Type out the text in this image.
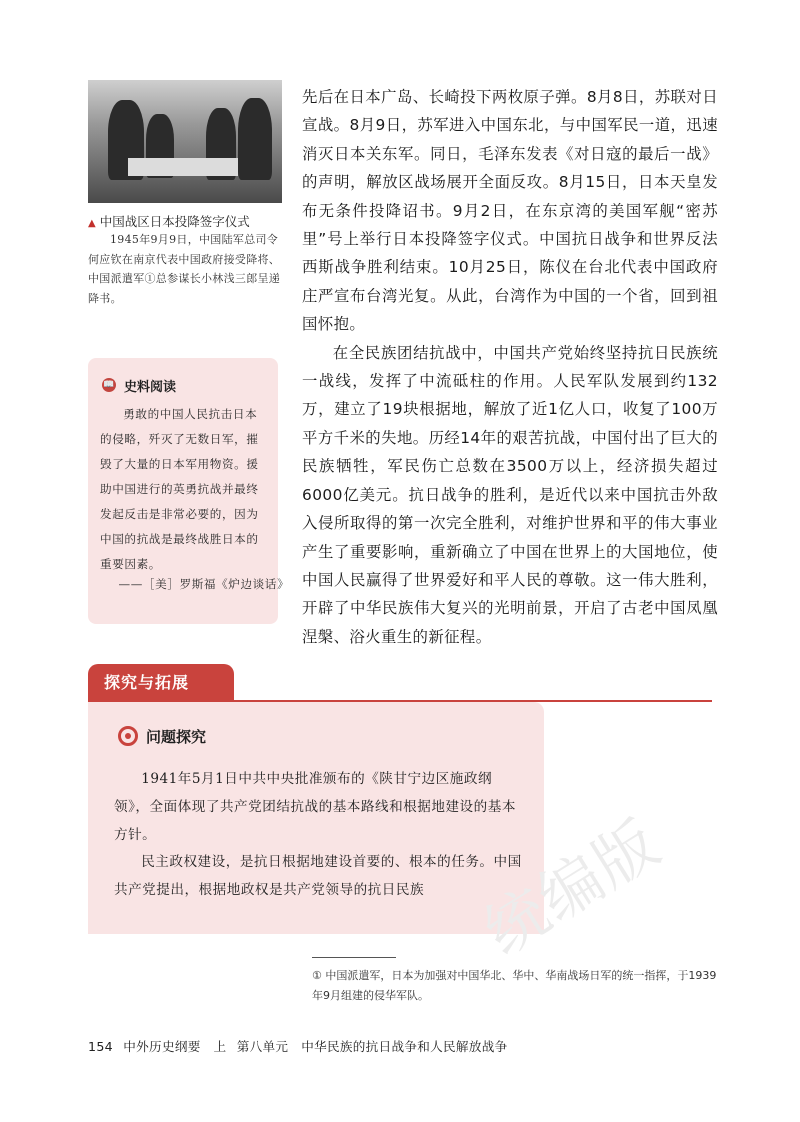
▲ 中国战区日本投降签字仪式
1945年9月9日，中国陆军总司令何应钦在南京代表中国政府接受降将、中国派遣军①总参谋长小林浅三郎呈递降书。

先后在日本广岛、长崎投下两枚原子弹。8月8日，苏联对日宣战。8月9日，苏军进入中国东北，与中国军民一道，迅速消灭日本关东军。同日，毛泽东发表《对日寇的最后一战》的声明，解放区战场展开全面反攻。8月15日，日本天皇发布无条件投降诏书。9月2日，在东京湾的美国军舰“密苏里”号上举行日本投降签字仪式。中国抗日战争和世界反法西斯战争胜利结束。10月25日，陈仪在台北代表中国政府庄严宣布台湾光复。从此，台湾作为中国的一个省，回到祖国怀抱。

在全民族团结抗战中，中国共产党始终坚持抗日民族统一战线，发挥了中流砥柱的作用。人民军队发展到约132万，建立了19块根据地，解放了近1亿人口，收复了100万平方千米的失地。历经14年的艰苦抗战，中国付出了巨大的民族牺牲，军民伤亡总数在3500万以上，经济损失超过6000亿美元。抗日战争的胜利，是近代以来中国抗击外敌入侵所取得的第一次完全胜利，对维护世界和平的伟大事业产生了重要影响，重新确立了中国在世界上的大国地位，使中国人民赢得了世界爱好和平人民的尊敬。这一伟大胜利，开辟了中华民族伟大复兴的光明前景，开启了古老中国凤凰涅槃、浴火重生的新征程。

📖 史料阅读
勇敢的中国人民抗击日本的侵略，歼灭了无数日军，摧毁了大量的日本军用物资。援助中国进行的英勇抗战并最终发起反击是非常必要的，因为中国的抗战是最终战胜日本的重要因素。
——［美］罗斯福《炉边谈话》
探究与拓展
问题探究

1941年5月1日中共中央批准颁布的《陕甘宁边区施政纲领》，全面体现了共产党团结抗战的基本路线和根据地建设的基本方针。

民主政权建设，是抗日根据地建设首要的、根本的任务。中国共产党提出，根据地政权是共产党领导的抗日民族 统编版
① 中国派遣军，日本为加强对中国华北、华中、华南战场日军的统一指挥，于1939年9月组建的侵华军队。
154 中外历史纲要　上 第八单元　中华民族的抗日战争和人民解放战争
